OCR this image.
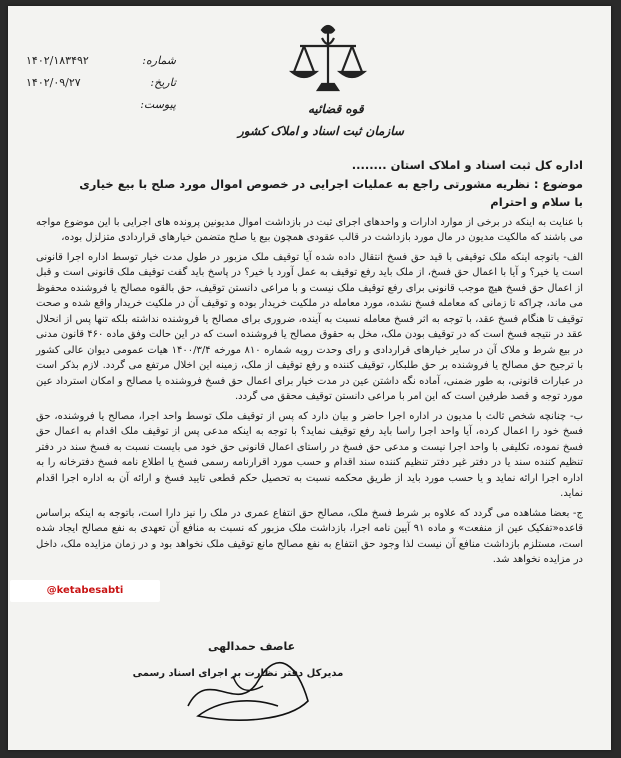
قوه قضائیه
سازمان ثبت اسناد و املاک کشور
۱۴۰۲/۱۸۳۴۹۲	شماره:
۱۴۰۲/۰۹/۲۷	تاریخ:
پیوست:
اداره کل ثبت اسناد و املاک استان ........
موضوع : نظریه مشورتی راجع به عملیات اجرایی در خصوص اموال مورد صلح با بیع خیاری
با سلام و احترام
با عنایت به اینکه در برخی از موارد ادارات و واحدهای اجرای ثبت در بازداشت اموال مدیونین پرونده های اجرایی با این موضوع مواجه می باشند که مالکیت مدیون در مال مورد بازداشت در قالب عقودی همچون بیع یا صلح متضمن خیارهای قراردادی متزلزل بوده،
الف- باتوجه اینکه ملک توقیفی با قید حق فسخ انتقال داده شده آیا توقیف ملک مزبور در طول مدت خیار توسط اداره اجرا قانونی است یا خیر؟ و آیا با اعمال حق فسخ، از ملک باید رفع توقیف به عمل آورد یا خیر؟ در پاسخ باید گفت توقیف ملک قانونی است و قبل از اعمال حق فسخ هیچ موجب قانونی برای رفع توقیف ملک نیست و با مراعی دانستن توقیف، حق بالقوه مصالح یا فروشنده محفوظ می ماند، چراکه تا زمانی که معامله فسخ نشده، مورد معامله در ملکیت خریدار بوده و توقیف آن در ملکیت خریدار واقع شده و صحت توقیف تا هنگام فسخ عقد، با توجه به اثر فسخ معامله نسبت به آینده، ضروری برای مصالح یا فروشنده نداشته بلکه تنها پس از انحلال عقد در نتیجه فسخ است که در توقیف بودن ملک، مخل به حقوق مصالح یا فروشنده است که در این حالت وفق ماده ۴۶۰ قانون مدنی در بیع شرط و ملاک آن در سایر خیارهای قراردادی و رای وحدت رویه شماره ۸۱۰ مورخه ۱۴۰۰/۳/۴ هیات عمومی دیوان عالی کشور با ترجیح حق مصالح یا فروشنده بر حق طلبکار، توقیف کننده و رفع توقیف از ملک، زمینه این اخلال مرتفع می گردد. لازم بذکر است در عبارات قانونی، به طور ضمنی، آماده نگه داشتن عین در مدت خیار برای اعمال حق فسخ فروشنده یا مصالح و امکان استرداد عین مورد توجه و قصد طرفین است که این امر با مراعی دانستن توقیف محقق می گردد.
ب- چنانچه شخص ثالث با مدیون در اداره اجرا حاضر و بیان دارد که پس از توقیف ملک توسط واحد اجرا، مصالح یا فروشنده، حق فسخ خود را اعمال کرده، آیا واحد اجرا راسا باید رفع توقیف نماید؟ با توجه به اینکه مدعی پس از توقیف ملک اقدام به اعمال حق فسخ نموده، تکلیفی با واحد اجرا نیست و مدعی حق فسخ در راستای اعمال قانونی حق خود می بایست نسبت به فسخ سند در دفتر تنظیم کننده سند یا در دفتر غیر دفتر تنظیم کننده سند اقدام و حسب مورد اقرارنامه رسمی فسخ یا اطلاع نامه فسخ دفترخانه را به اداره اجرا ارائه نماید و یا حسب مورد باید از طریق محکمه نسبت به تحصیل حکم قطعی تایید فسخ و ارائه آن به اداره اجرا اقدام نماید.
ج- بعضا مشاهده می گردد که علاوه بر شرط فسخ ملک، مصالح حق انتفاع عمری در ملک را نیز دارا است، باتوجه به اینکه براساس قاعده«تفکیک عین از منفعت» و ماده ۹۱ آیین نامه اجرا، بازداشت ملک مزبور که نسبت به منافع آن تعهدی به نفع مصالح ایجاد شده است، مستلزم بازداشت منافع آن نیست لذا وجود حق انتفاع به نفع مصالح مانع توقیف ملک نخواهد بود و در زمان مزایده ملک، داخل در مزایده نخواهد شد.
عاصف حمدالهی
مدیرکل دفتر نظارت بر اجرای اسناد رسمی
@ketabesabti
